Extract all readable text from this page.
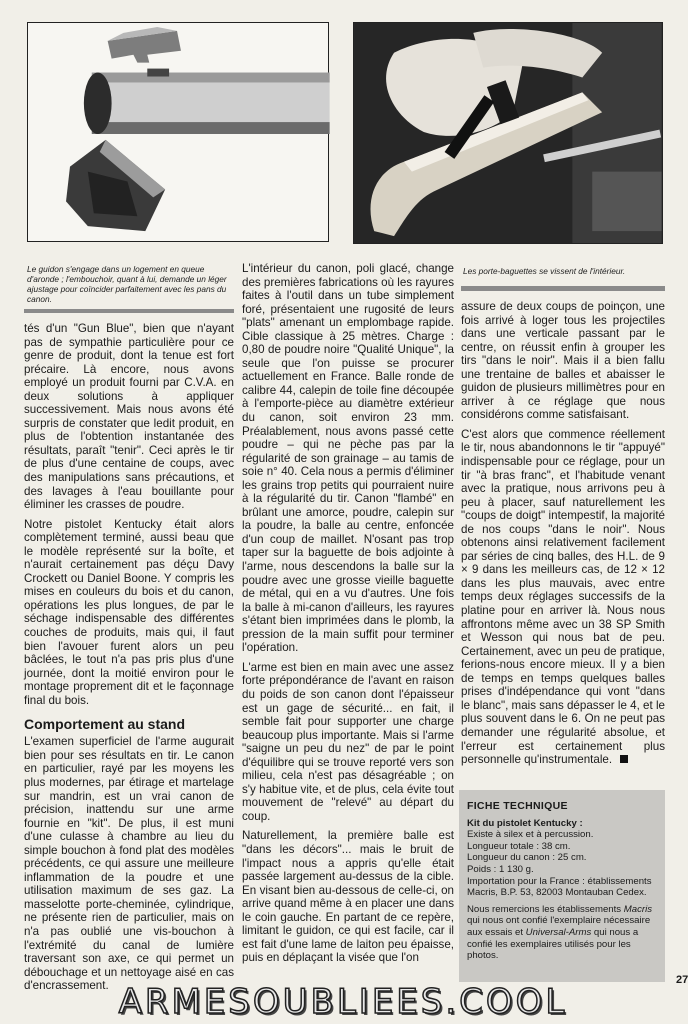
Le guidon s'engage dans un logement en queue d'aronde ; l'embouchoir, quant à lui, demande un léger ajustage pour coïncider parfaitement avec les pans du canon.

Les porte-baguettes se vissent de l'intérieur.

tés d'un "Gun Blue", bien que n'ayant pas de sympathie particulière pour ce genre de produit, dont la tenue est fort précaire. Là encore, nous avons employé un produit fourni par C.V.A. en deux solutions à appliquer successivement. Mais nous avons été surpris de constater que ledit produit, en plus de l'obtention instantanée des résultats, paraît "tenir". Ceci après le tir de plus d'une centaine de coups, avec des manipulations sans précautions, et des lavages à l'eau bouillante pour éliminer les crasses de poudre.

Notre pistolet Kentucky était alors complètement terminé, aussi beau que le modèle représenté sur la boîte, et n'aurait certainement pas déçu Davy Crockett ou Daniel Boone. Y compris les mises en couleurs du bois et du canon, opérations les plus longues, de par le séchage indispensable des différentes couches de produits, mais qui, il faut bien l'avouer furent alors un peu bâclées, le tout n'a pas pris plus d'une journée, dont la moitié environ pour le montage proprement dit et le façonnage final du bois.

Comportement au stand

L'examen superficiel de l'arme augurait bien pour ses résultats en tir. Le canon en particulier, rayé par les moyens les plus modernes, par étirage et martelage sur mandrin, est un vrai canon de précision, inattendu sur une arme fournie en "kit". De plus, il est muni d'une culasse à chambre au lieu du simple bouchon à fond plat des modèles précédents, ce qui assure une meilleure inflammation de la poudre et une utilisation maximum de ses gaz. La masselotte porte-cheminée, cylindrique, ne présente rien de particulier, mais on n'a pas oublié une vis-bouchon à l'extrémité du canal de lumière traversant son axe, ce qui permet un débouchage et un nettoyage aisé en cas d'encrassement.

L'intérieur du canon, poli glacé, change des premières fabrications où les rayures faites à l'outil dans un tube simplement foré, présentaient une rugosité de leurs "plats" amenant un emplombage rapide. Cible classique à 25 mètres. Charge : 0,80 de poudre noire "Qualité Unique", la seule que l'on puisse se procurer actuellement en France. Balle ronde de calibre 44, calepin de toile fine découpée à l'emporte-pièce au diamètre extérieur du canon, soit environ 23 mm. Préalablement, nous avons passé cette poudre – qui ne pèche pas par la régularité de son grainage – au tamis de soie n° 40. Cela nous a permis d'éliminer les grains trop petits qui pourraient nuire à la régularité du tir. Canon "flambé" en brûlant une amorce, poudre, calepin sur la poudre, la balle au centre, enfoncée d'un coup de maillet. N'osant pas trop taper sur la baguette de bois adjointe à l'arme, nous descendons la balle sur la poudre avec une grosse vieille baguette de métal, qui en a vu d'autres. Une fois la balle à mi-canon d'ailleurs, les rayures s'étant bien imprimées dans le plomb, la pression de la main suffit pour terminer l'opération.

L'arme est bien en main avec une assez forte prépondérance de l'avant en raison du poids de son canon dont l'épaisseur est un gage de sécurité... en fait, il semble fait pour supporter une charge beaucoup plus importante. Mais si l'arme "saigne un peu du nez" de par le point d'équilibre qui se trouve reporté vers son milieu, cela n'est pas désagréable ; on s'y habitue vite, et de plus, cela évite tout mouvement de "relevé" au départ du coup.

Naturellement, la première balle est "dans les décors"... mais le bruit de l'impact nous a appris qu'elle était passée largement au-dessus de la cible. En visant bien au-dessous de celle-ci, on arrive quand même à en placer une dans le coin gauche. En partant de ce repère, limitant le guidon, ce qui est facile, car il est fait d'une lame de laiton peu épaisse, puis en déplaçant la visée que l'on

assure de deux coups de poinçon, une fois arrivé à loger tous les projectiles dans une verticale passant par le centre, on réussit enfin à grouper les tirs "dans le noir". Mais il a bien fallu une trentaine de balles et abaisser le guidon de plusieurs millimètres pour en arriver à ce réglage que nous considérons comme satisfaisant.

C'est alors que commence réellement le tir, nous abandonnons le tir "appuyé" indispensable pour ce réglage, pour un tir "à bras franc", et l'habitude venant avec la pratique, nous arrivons peu à peu à placer, sauf naturellement les "coups de doigt" intempestif, la majorité de nos coups "dans le noir". Nous obtenons ainsi relativement facilement par séries de cinq balles, des H.L. de 9 × 9 dans les meilleurs cas, de 12 × 12 dans les plus mauvais, avec entre temps deux réglages successifs de la platine pour en arriver là. Nous nous affrontons même avec un 38 SP Smith et Wesson qui nous bat de peu. Certainement, avec un peu de pratique, ferions-nous encore mieux. Il y a bien de temps en temps quelques balles prises d'indépendance qui vont "dans le blanc", mais sans dépasser le 4, et le plus souvent dans le 6. On ne peut pas demander une régularité absolue, et l'erreur est certainement plus personnelle qu'instrumentale.

FICHE TECHNIQUE
Kit du pistolet Kentucky :
Existe à silex et à percussion.
Longueur totale : 38 cm.
Longueur du canon : 25 cm.
Poids : 1 130 g.
Importation pour la France : établissements Macris, B.P. 53, 82003 Montauban Cedex.

Nous remercions les établissements Macris qui nous ont confié l'exemplaire nécessaire aux essais et Universal-Arms qui nous a confié les exemplaires utilisés pour les photos.

27
ARMESOUBLIEES.COOL
